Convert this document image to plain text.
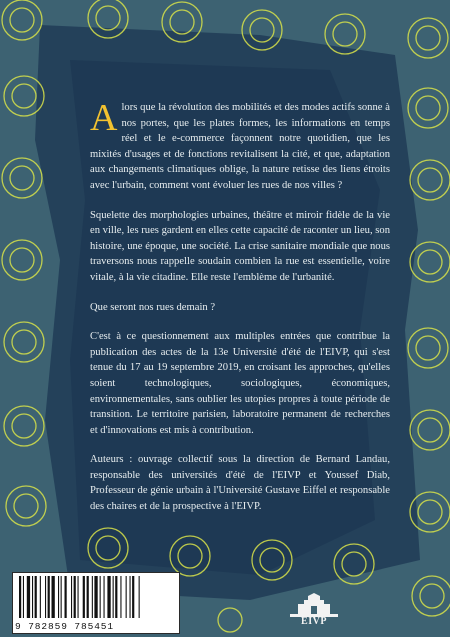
Alors que la révolution des mobilités et des modes actifs sonne à nos portes, que les plates formes, les informations en temps réel et le e-commerce façonnent notre quotidien, que les mixités d'usages et de fonctions revitalisent la cité, et que, adaptation aux changements climatiques oblige, la nature retisse des liens étroits avec l'urbain, comment vont évoluer les rues de nos villes ?

Squelette des morphologies urbaines, théâtre et miroir fidèle de la vie en ville, les rues gardent en elles cette capacité de raconter un lieu, son histoire, une époque, une société. La crise sanitaire mondiale que nous traversons nous rappelle soudain combien la rue est essentielle, voire vitale, à la vie citadine. Elle reste l'emblème de l'urbanité.

Que seront nos rues demain ?

C'est à ce questionnement aux multiples entrées que contribue la publication des actes de la 13e Université d'été de l'EIVP, qui s'est tenue du 17 au 19 septembre 2019, en croisant les approches, qu'elles soient technologiques, sociologiques, économiques, environnementales, sans oublier les utopies propres à toute période de transition. Le territoire parisien, laboratoire permanent de recherches et d'innovations est mis à contribution.

Auteurs : ouvrage collectif sous la direction de Bernard Landau, responsable des universités d'été de l'EIVP et Youssef Diab, Professeur de génie urbain à l'Université Gustave Eiffel et responsable des chaires et de la prospective à l'EIVP.

9 782859 785451	EIVP
